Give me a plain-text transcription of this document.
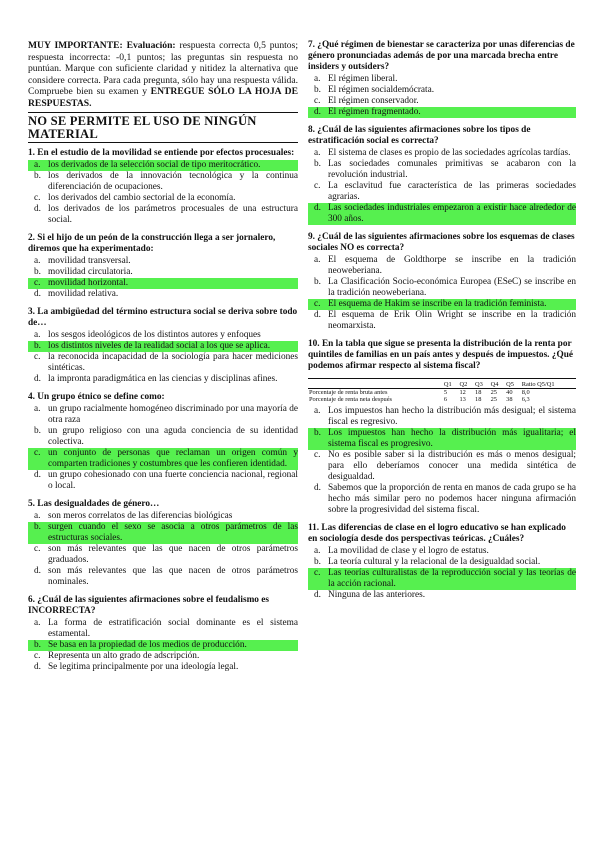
MUY IMPORTANTE: Evaluación: respuesta correcta 0,5 puntos; respuesta incorrecta: -0,1 puntos; las preguntas sin respuesta no puntúan. Marque con suficiente claridad y nitidez la alternativa que considere correcta. Para cada pregunta, sólo hay una respuesta válida. Compruebe bien su examen y ENTREGUE SÓLO LA HOJA DE RESPUESTAS.

NO SE PERMITE EL USO DE NINGÚN MATERIAL
1. En el estudio de la movilidad se entiende por efectos procesuales:
a. los derivados de la selección social de tipo meritocrático.
b. los derivados de la innovación tecnológica y la continua diferenciación de ocupaciones.
c. los derivados del cambio sectorial de la economía.
d. los derivados de los parámetros procesuales de una estructura social.
2. Si el hijo de un peón de la construcción llega a ser jornalero, diremos que ha experimentado:
a. movilidad transversal.
b. movilidad circulatoria.
c. movilidad horizontal.
d. movilidad relativa.
3. La ambigüedad del término estructura social se deriva sobre todo de…
a. los sesgos ideológicos de los distintos autores y enfoques
b. los distintos niveles de la realidad social a los que se aplica.
c. la reconocida incapacidad de la sociología para hacer mediciones sintéticas.
d. la impronta paradigmática en las ciencias y disciplinas afines.
4. Un grupo étnico se define como:
a. un grupo racialmente homogéneo discriminado por una mayoría de otra raza
b. un grupo religioso con una aguda conciencia de su identidad colectiva.
c. un conjunto de personas que reclaman un origen común y comparten tradiciones y costumbres que les confieren identidad.
d. un grupo cohesionado con una fuerte conciencia nacional, regional o local.
5. Las desigualdades de género…
a. son meros correlatos de las diferencias biológicas
b. surgen cuando el sexo se asocia a otros parámetros de las estructuras sociales.
c. son más relevantes que las que nacen de otros parámetros graduados.
d. son más relevantes que las que nacen de otros parámetros nominales.
6. ¿Cuál de las siguientes afirmaciones sobre el feudalismo es INCORRECTA?
a. La forma de estratificación social dominante es el sistema estamental.
b. Se basa en la propiedad de los medios de producción.
c. Representa un alto grado de adscripción.
d. Se legitima principalmente por una ideología legal.
7. ¿Qué régimen de bienestar se caracteriza por unas diferencias de género pronunciadas además de por una marcada brecha entre insiders y outsiders?
a. El régimen liberal.
b. El régimen socialdemócrata.
c. El régimen conservador.
d. El régimen fragmentado.
8. ¿Cuál de las siguientes afirmaciones sobre los tipos de estratificación social es correcta?
a. El sistema de clases es propio de las sociedades agrícolas tardías.
b. Las sociedades comunales primitivas se acabaron con la revolución industrial.
c. La esclavitud fue característica de las primeras sociedades agrarias.
d. Las sociedades industriales empezaron a existir hace alrededor de 300 años.
9. ¿Cuál de las siguientes afirmaciones sobre los esquemas de clases sociales NO es correcta?
a. El esquema de Goldthorpe se inscribe en la tradición neoweberiana.
b. La Clasificación Socio-económica Europea (ESeC) se inscribe en la tradición neoweberiana.
c. El esquema de Hakim se inscribe en la tradición feminista.
d. El esquema de Erik Olin Wright se inscribe en la tradición neomarxista.
10. En la tabla que sigue se presenta la distribución de la renta por quintiles de familias en un país antes y después de impuestos. ¿Qué podemos afirmar respecto al sistema fiscal?
	Q1	Q2	Q3	Q4	Q5	Ratio Q5/Q1
Porcentaje de renta bruta antes	5	12	18	25	40	8,0
Porcentaje de renta neta después	6	13	18	25	38	6,3
a. Los impuestos han hecho la distribución más desigual; el sistema fiscal es regresivo.
b. Los impuestos han hecho la distribución más igualitaria; el sistema fiscal es progresivo.
c. No es posible saber si la distribución es más o menos desigual; para ello deberíamos conocer una medida sintética de desigualdad.
d. Sabemos que la proporción de renta en manos de cada grupo se ha hecho más similar pero no podemos hacer ninguna afirmación sobre la progresividad del sistema fiscal.
11. Las diferencias de clase en el logro educativo se han explicado en sociología desde dos perspectivas teóricas. ¿Cuáles?
a. La movilidad de clase y el logro de estatus.
b. La teoría cultural y la relacional de la desigualdad social.
c. Las teorías culturalistas de la reproducción social y las teorías de la acción racional.
d. Ninguna de las anteriores.
